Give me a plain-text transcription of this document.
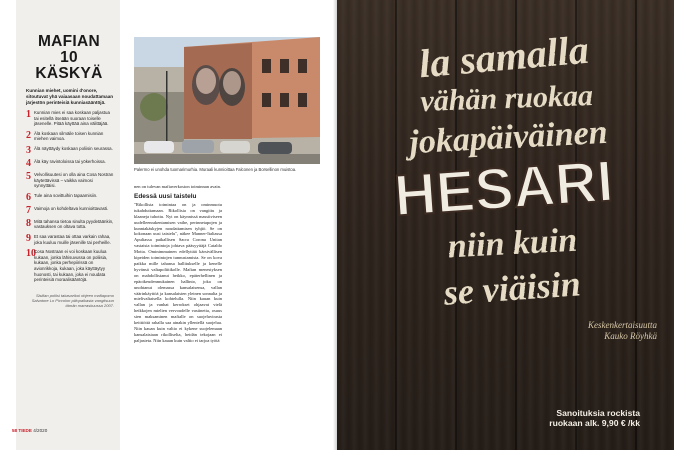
MAFIAN
10 KÄSKYÄ

Kunnian miehet, uomini d'onore, sitoutuvat yhä vaiaasaan noudattamaan järjestön perinteisiä kunniasääntöjä.

1 Kunnian mies ei saa koskaan paljastua tai esitellä itseään suoraan toiselle jäsenelle. Pitää käyttää aina välittäjää.
2 Älä koskaan silmäile toisen kunnian miehen vaimoa.
3 Älä näyttäydy koskaan poliisin seurassa.
4 Älä käy ravintoloissa tai yökerhoissa.
5 Velvollisuutesi on olla aina Cosa Nostran käytettävissä – vaikka vaimosi synnyttäisi.
6 Tule aina sovittuihin tapaamisiin.
7 Vaimoja on kohdeltava kunnioittavasti.
8 Mitä tahansa tietoa sinulta pyydetäänkin, vastauksen on oltava totta.
9 Et saa varastaa tai ottaa varkain rahaa, joka kuuluu muille jäsenille tai perheille.
10
Cosa Nostraan ei voi koskaan kuulua kukaan, jonka lähisuvussa on poliisia, kukaan, jonka perhepiirissä on avionrikkoja, kukaan, joka käyttäytyy huonosti, tai kukaan, joka ei noudata perinteisiä moraalisääntöjä.

Sisilian poliisi takavarikoi ohjeen mafiapomo Salvatore Lo Piccolon piilopaikasta vangitsuun tämän marraskuussa 2007.

58 TIEDE 4/2020

Palermo ei unohda tuomarimurhia. Muraali kunnioittaa Falconen ja Borsellinon muistoa.

nen on tulevan mafiaverkoston toiminnan avain.

Edessä uusi taistelu

"Rikollista toimintaa on ja ominmuotu tukahduttamaan. Rikollisia on vangittu ja klaaneja tuhottu. Nyt on käynnissä massiiviseen uudelleenrakentamisen vaihe, perinnetapojen ja kunniakäskyjen noudattamisen tyhjiö. Se on kokonaan uusi taistelu", näkee Manner-Italiassa Apuliassa paikallisen Sacra Corona Unitan vastaisia toimintoja johtava pääsyyttäjä Cataldo Motta. Ominimmainen edellyttää kärsivällisen kipeiden toimintojen tunnustamista. Se on kova paikka mille tahansa hallitukselle ja kenelle hyvänsä valtapoliitikolle. Mafian menestyksen on mahdollistanut heikko, epäterhellinen ja epäoikeudenmukainen hallinto, joka on unohtanut olemassa kansalaisensa, vallan väärinkäyttöä ja kansalaisten yleinen sonnalta ja mielivaltaisella kohtelulla. Niin kauan kuin vallan ja vanhat kerrokset ohjaavat vielä heikkojen mielien vervoudelle vastinetta, osuus sien maksaminen mafialle on suojeluvirasta keittiöttä rahalla saa ainakin yllentellä suojelua. Niin kauan kuin valtio ei kykene suojelemaan kansalaisiaan rikolliselta, heidän tekojaan ei paljasteta. Niin kauan kuin valtio ei tarjoa työtä

la samalla
vähän ruokaa
jokapäiväinen
HESARI
niin kuin
se viäisin
Keskenkertaisuutta
Kauko Röyhkä
Sanoituksia rockista
ruokaan alk. 9,90 € /kk
